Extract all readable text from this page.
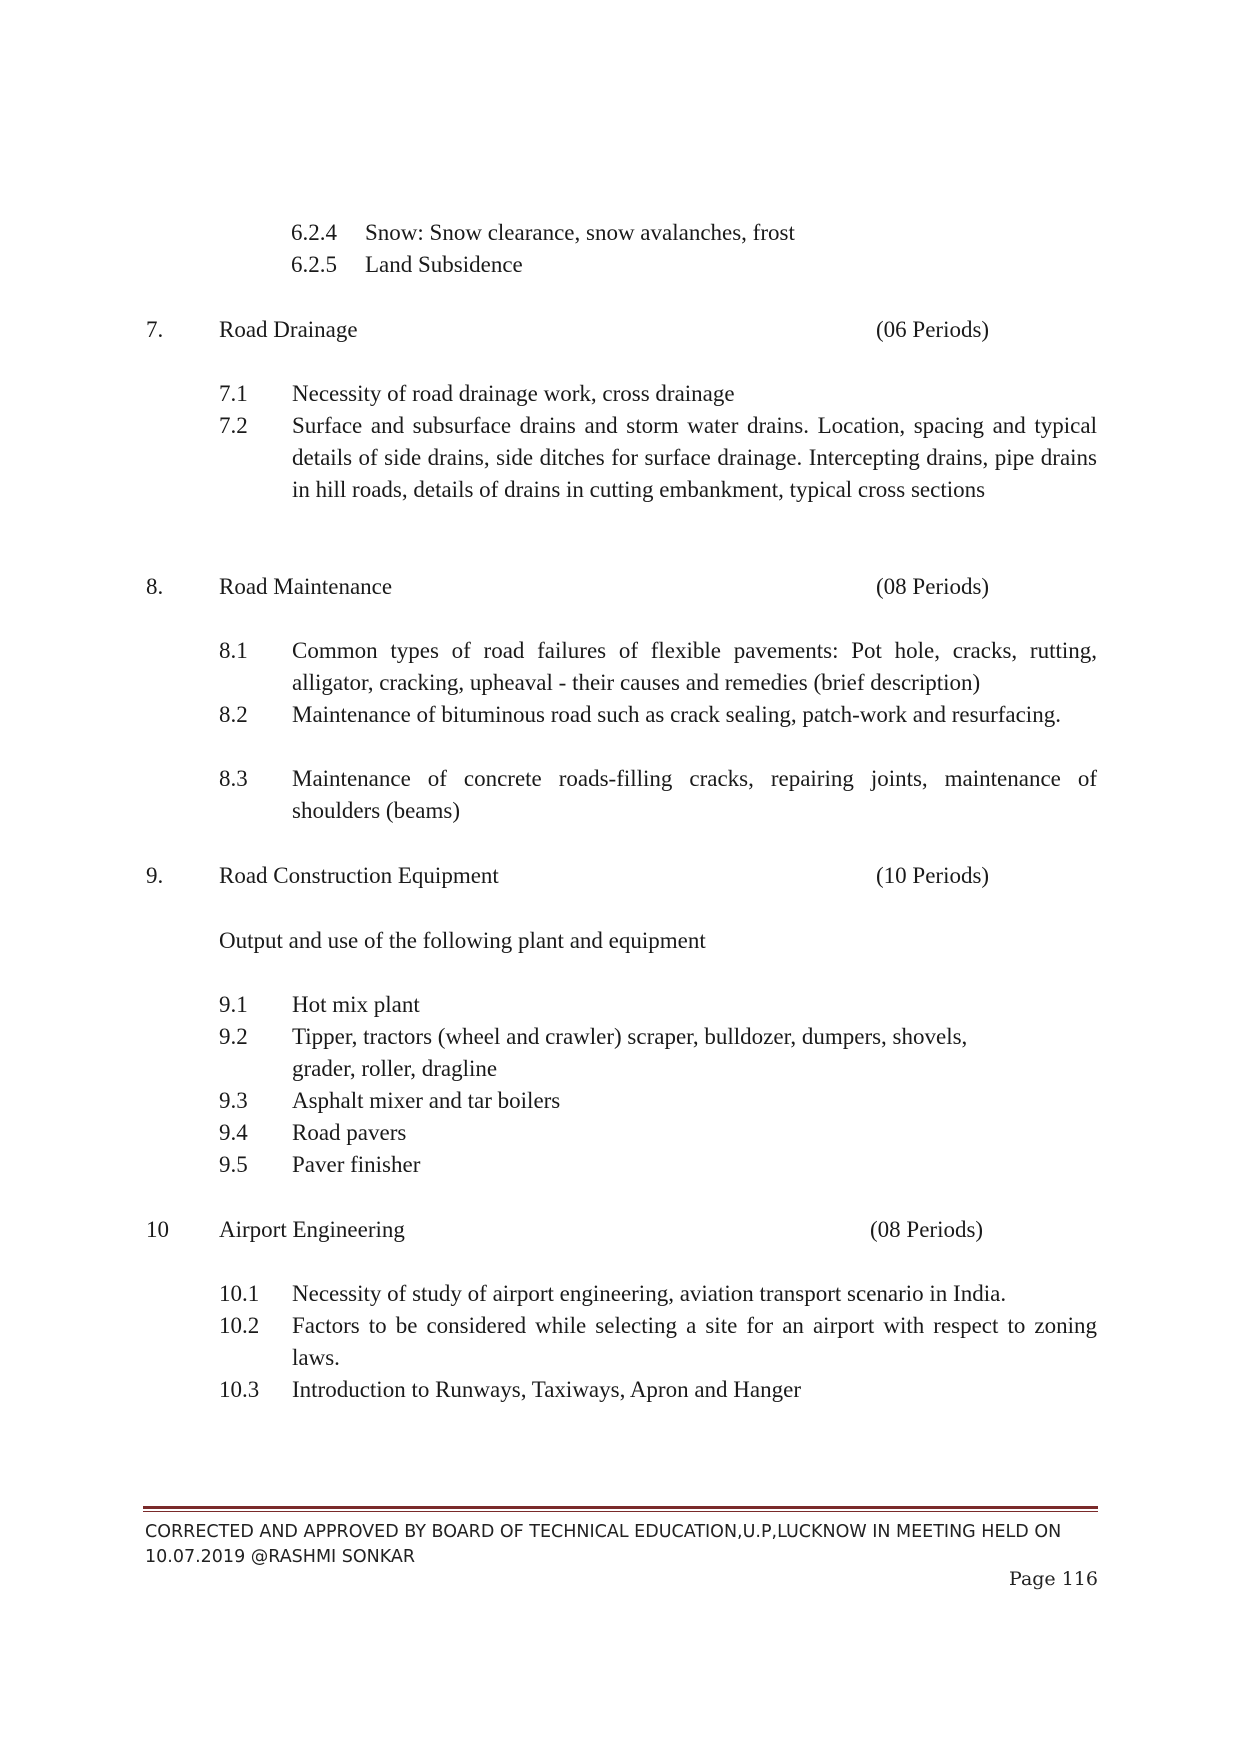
6.2.4 Snow: Snow clearance, snow avalanches, frost
6.2.5 Land Subsidence
7. Road Drainage	(06 Periods)
7.1 Necessity of road drainage work, cross drainage
7.2 Surface and subsurface drains and storm water drains. Location, spacing and typical details of side drains, side ditches for surface drainage. Intercepting drains, pipe drains in hill roads, details of drains in cutting embankment, typical cross sections
8. Road Maintenance	(08 Periods)
8.1 Common types of road failures of flexible pavements: Pot hole, cracks, rutting, alligator, cracking, upheaval - their causes and remedies (brief description)
8.2 Maintenance of bituminous road such as crack sealing, patch-work and resurfacing.
8.3 Maintenance of concrete roads-filling cracks, repairing joints, maintenance of shoulders (beams)
9. Road Construction Equipment	(10 Periods)
Output and use of the following plant and equipment
9.1 Hot mix plant
9.2 Tipper, tractors (wheel and crawler) scraper, bulldozer, dumpers, shovels, grader, roller, dragline
9.3 Asphalt mixer and tar boilers
9.4 Road pavers
9.5 Paver finisher
10 Airport Engineering	(08 Periods)
10.1 Necessity of study of airport engineering, aviation transport scenario in India.
10.2 Factors to be considered while selecting a site for an airport with respect to zoning laws.
10.3 Introduction to Runways, Taxiways, Apron and Hanger
CORRECTED AND APPROVED BY BOARD OF TECHNICAL EDUCATION,U.P,LUCKNOW IN MEETING HELD ON
10.07.2019 @RASHMI SONKAR
Page 116
